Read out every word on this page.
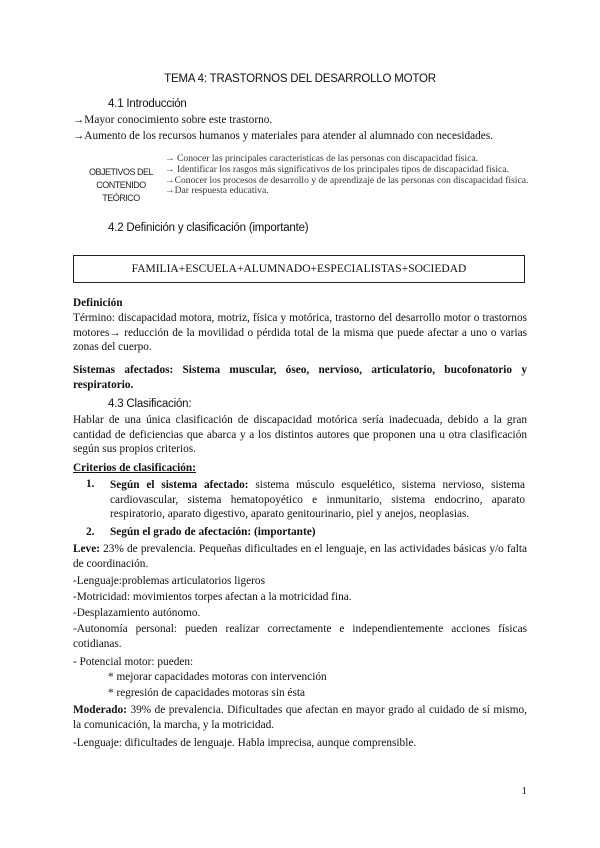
TEMA 4: TRASTORNOS DEL DESARROLLO MOTOR
4.1 Introducción
→Mayor conocimiento sobre este trastorno.
→Aumento de los recursos humanos y materiales para atender al alumnado con necesidades.
OBJETIVOS DEL CONTENIDO TEÓRICO
→ Conocer las principales características de las personas con discapacidad física.
→ Identificar los rasgos más significativos de los principales tipos de discapacidad física.
→Conocer los procesos de desarrollo y de aprendizaje de las personas con discapacidad física.
→Dar respuesta educativa.
4.2 Definición y clasificación (importante)
FAMILIA+ESCUELA+ALUMNADO+ESPECIALISTAS+SOCIEDAD
Definición
Término: discapacidad motora, motriz, física y motórica, trastorno del desarrollo motor o trastornos motores→ reducción de la movilidad o pérdida total de la misma que puede afectar a uno o varias zonas del cuerpo.
Sistemas afectados: Sistema muscular, óseo, nervioso, articulatorio, bucofonatorio y respiratorio.
4.3 Clasificación:
Hablar de una única clasificación de discapacidad motórica sería inadecuada, debido a la gran cantidad de deficiencias que abarca y a los distintos autores que proponen una u otra clasificación según sus propios criterios.
Criterios de clasificación:
1. Según el sistema afectado: sistema músculo esquelético, sistema nervioso, sistema cardiovascular, sistema hematopoyético e inmunitario, sistema endocrino, aparato respiratorio, aparato digestivo, aparato genitourinario, piel y anejos, neoplasias.
2. Según el grado de afectación: (importante)
Leve: 23% de prevalencia. Pequeñas dificultades en el lenguaje, en las actividades básicas y/o falta de coordinación.
-Lenguaje:problemas articulatorios ligeros
-Motricidad: movimientos torpes afectan a la motricidad fina.
-Desplazamiento autónomo.
-Autonomía personal: pueden realizar correctamente e independientemente acciones físicas cotidianas.
- Potencial motor: pueden:
* mejorar capacidades motoras con intervención
* regresión de capacidades motoras sin ésta
Moderado: 39% de prevalencia. Dificultades que afectan en mayor grado al cuidado de sí mismo, la comunicación, la marcha, y la motricidad.
-Lenguaje: dificultades de lenguaje. Habla imprecisa, aunque comprensible.
1
